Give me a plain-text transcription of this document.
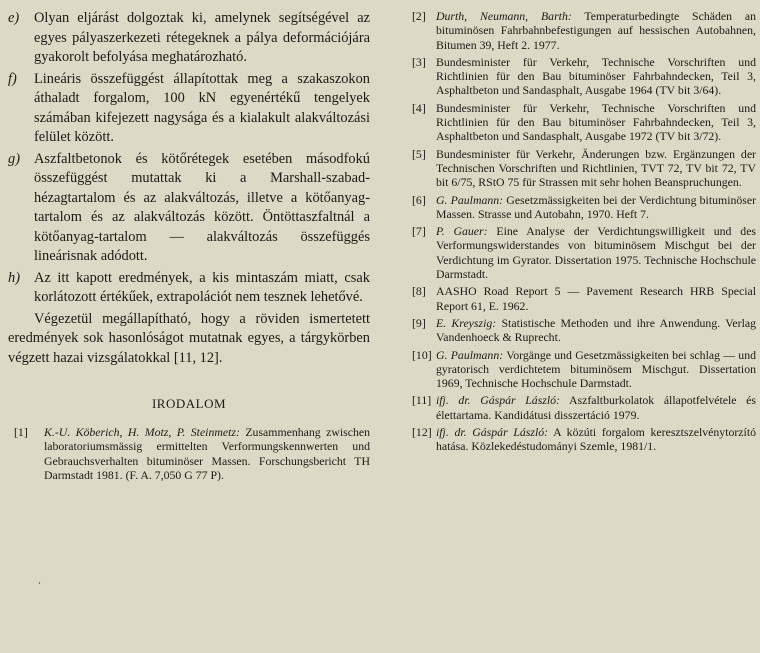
e)	Olyan eljárást dolgoztak ki, amelynek segítségével az egyes pályaszerkezeti rétegeknek a pálya deformációjára gyakorolt befolyása meghatározható.
f)	Lineáris összefüggést állapítottak meg a szakaszokon áthaladt forgalom, 100 kN egyenértékű tengelyek számában kifejezett nagysága és a kialakult alakváltozási felület között.
g) Aszfaltbetonok és kötőrétegek esetében másodfokú összefüggést mutattak ki a Marshall-szabad-hézagtartalom és az alakváltozás, illetve a kötőanyag-tartalom és az alakváltozás között. Öntöttaszfaltnál a kötőanyag-tartalom — alakváltozás összefüggés lineárisnak adódott.
h) Az itt kapott eredmények, a kis mintaszám miatt, csak korlátozott értékűek, extrapolációt nem tesznek lehetővé.

Végezetül megállapítható, hogy a röviden ismertetett eredmények sok hasonlóságot mutatnak egyes, a tárgykörben végzett hazai vizsgálatokkal [11, 12].

IRODALOM
[1]	K.-U. Köberich, H. Motz, P. Steinmetz: Zusammenhang zwischen laboratoriumsmässig ermittelten Verformungskennwerten und Gebrauchsverhalten bituminöser Massen. Forschungsbericht TH Darmstadt 1981. (F. A. 7,050 G 77 P).
[2] Durth, Neumann, Barth: Temperaturbedingte Schäden an bituminösen Fahrbahnbefestigungen auf hessischen Autobahnen, Bitumen 39, Heft 2. 1977.
[3] Bundesminister für Verkehr, Technische Vorschriften und Richtlinien für den Bau bituminöser Fahrbahndecken, Teil 3, Asphaltbeton und Sandasphalt, Ausgabe 1964 (TV bit 3/64).
[4] Bundesminister für Verkehr, Technische Vorschriften und Richtlinien für den Bau bituminöser Fahrbahndecken, Teil 3, Asphaltbeton und Sandasphalt, Ausgabe 1972 (TV bit 3/72).
[5] Bundesminister für Verkehr, Änderungen bzw. Ergänzungen der Technischen Vorschriften und Richtlinien, TVT 72, TV bit 72, TV bit 6/75, RStO 75 für Strassen mit sehr hohen Beanspruchungen.
[6] G. Paulmann: Gesetzmässigkeiten bei der Verdichtung bituminöser Massen. Strasse und Autobahn, 1970. Heft 7.
[7] P. Gauer: Eine Analyse der Verdichtungswilligkeit und des Verformungswiderstandes von bituminösem Mischgut bei der Verdichtung im Gyrator. Dissertation 1975. Technische Hochschule Darmstadt.
[8] AASHO Road Report 5 — Pavement Research HRB Special Report 61, E. 1962.
[9] E. Kreyszig: Statistische Methoden und ihre Anwendung. Verlag Vandenhoeck & Ruprecht.
[10] G. Paulmann: Vorgänge und Gesetzmässigkeiten bei schlag — und gyratorisch verdichtetem bituminösem Mischgut. Dissertation 1969, Technische Hochschule Darmstadt.
[11] ifj. dr. Gáspár László: Aszfaltburkolatok állapotfelvétele és élettartama. Kandidátusi disszertáció 1979.
[12] ifj. dr. Gáspár László: A közúti forgalom keresztszelvénytorzító hatása. Közlekedéstudományi Szemle, 1981/1.
ʻ
